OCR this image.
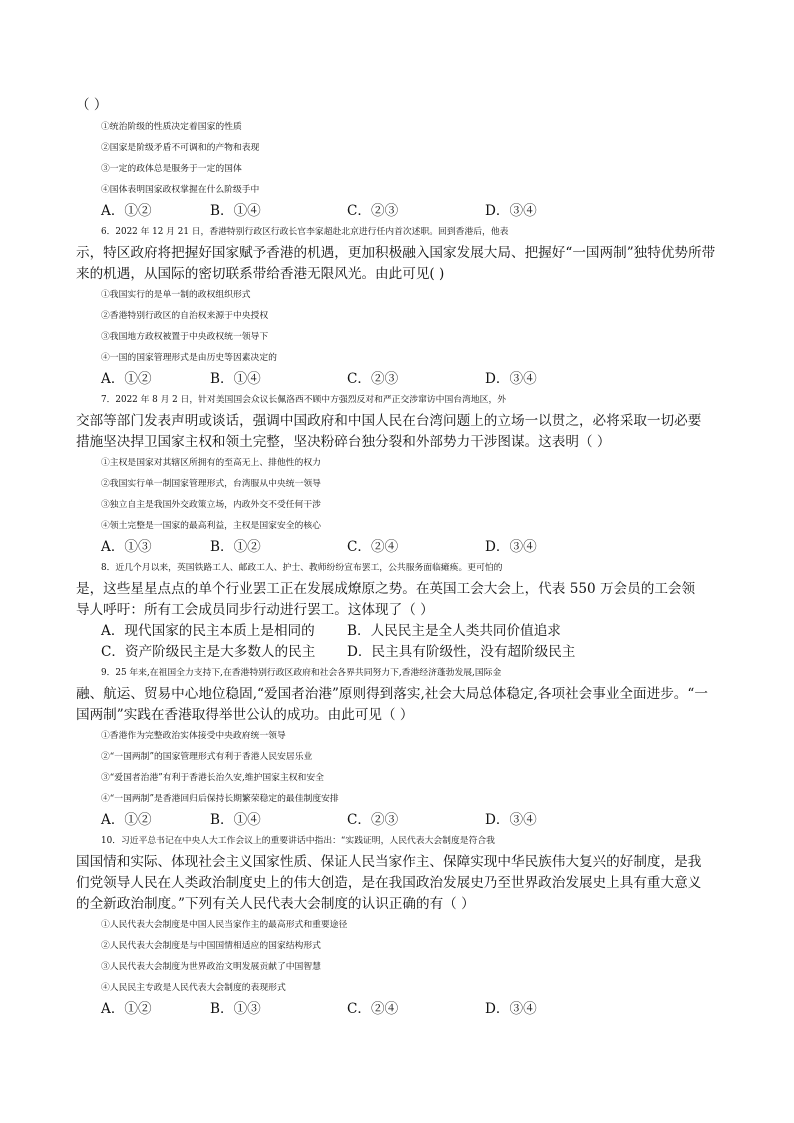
（ ）
①统治阶级的性质决定着国家的性质
②国家是阶级矛盾不可调和的产物和表现
③一定的政体总是服务于一定的国体
④国体表明国家政权掌握在什么阶级手中
A．①②	B．①④	C．②③	D．③④
6．2022 年 12 月 21 日，香港特别行政区行政长官李家超赴北京进行任内首次述职。回到香港后，他表
示，特区政府将把握好国家赋予香港的机遇，更加积极融入国家发展大局、把握好“一国两制”独特优势所带
来的机遇，从国际的密切联系带给香港无限风光。由此可见( )
①我国实行的是单一制的政权组织形式
②香港特别行政区的自治权来源于中央授权
③我国地方政权被置于中央政权统一领导下
④一国的国家管理形式是由历史等因素决定的
A．①②	B．①④	C．②③	D．③④
7．2022 年 8 月 2 日，针对美国国会众议长佩洛西不顾中方强烈反对和严正交涉窜访中国台湾地区，外
交部等部门发表声明或谈话，强调中国政府和中国人民在台湾问题上的立场一以贯之，必将采取一切必要
措施坚决捍卫国家主权和领土完整，坚决粉碎台独分裂和外部势力干涉图谋。这表明（ ）
①主权是国家对其辖区所拥有的至高无上、排他性的权力
②我国实行单一制国家管理形式，台湾服从中央统一领导
③独立自主是我国外交政策立场，内政外交不受任何干涉
④领土完整是一国家的最高利益，主权是国家安全的核心
A．①③	B．①②	C．②④	D．③④
8．近几个月以来，英国铁路工人、邮政工人、护士、教师纷纷宣布罢工，公共服务面临瘫痪。更可怕的
是，这些星星点点的单个行业罢工正在发展成燎原之势。在英国工会大会上，代表 550 万会员的工会领
导人呼吁：所有工会成员同步行动进行罢工。这体现了（ ）
A．现代国家的民主本质上是相同的 B．人民民主是全人类共同价值追求
C．资产阶级民主是大多数人的民主 D．民主具有阶级性，没有超阶级民主
9．25 年来,在祖国全力支持下,在香港特别行政区政府和社会各界共同努力下,香港经济蓬勃发展,国际金
融、航运、贸易中心地位稳固,“爱国者治港”原则得到落实,社会大局总体稳定,各项社会事业全面进步。“一
国两制”实践在香港取得举世公认的成功。由此可见（ ）
①香港作为完整政治实体接受中央政府统一领导
②“一国两制”的国家管理形式有利于香港人民安居乐业
③“爱国者治港”有利于香港长治久安,维护国家主权和安全
④“一国两制”是香港回归后保持长期繁荣稳定的最佳制度安排
A．①②	B．①④	C．②③	D．③④
10．习近平总书记在中央人大工作会议上的重要讲话中指出：“实践证明，人民代表大会制度是符合我
国国情和实际、体现社会主义国家性质、保证人民当家作主、保障实现中华民族伟大复兴的好制度，是我
们党领导人民在人类政治制度史上的伟大创造，是在我国政治发展史乃至世界政治发展史上具有重大意义
的全新政治制度。”下列有关人民代表大会制度的认识正确的有（ ）
①人民代表大会制度是中国人民当家作主的最高形式和重要途径
②人民代表大会制度是与中国国情相适应的国家结构形式
③人民代表大会制度为世界政治文明发展贡献了中国智慧
④人民民主专政是人民代表大会制度的表现形式
A．①②	B．①③	C．②④	D．③④
